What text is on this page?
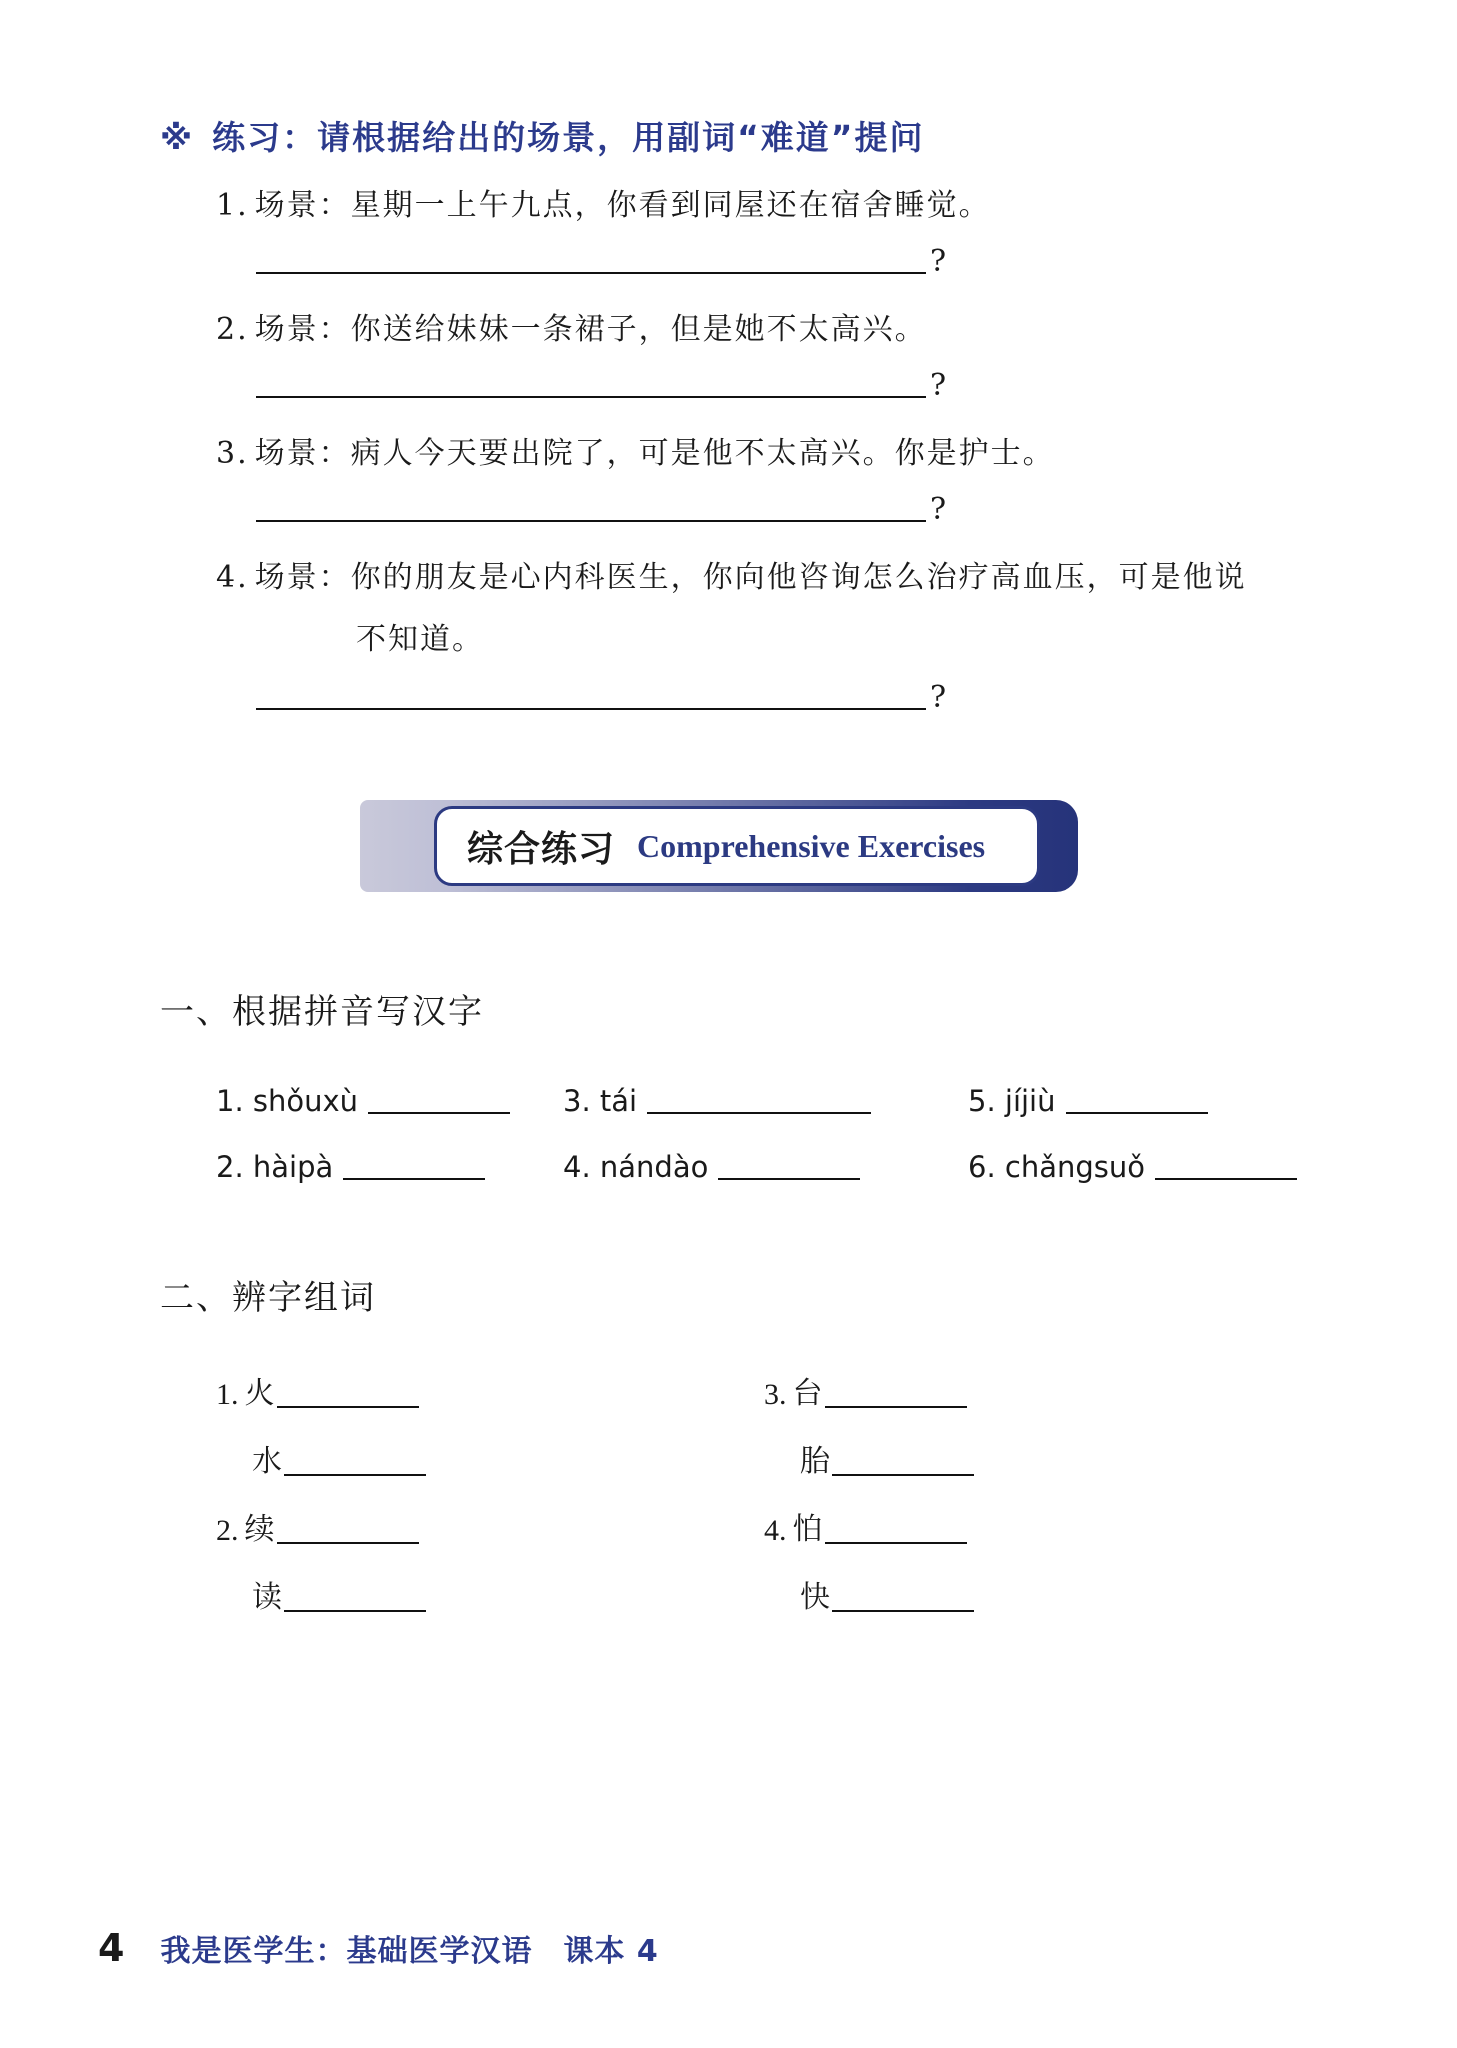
※ 练习：请根据给出的场景，用副词“难道”提问
1. 场景：星期一上午九点，你看到同屋还在宿舍睡觉。
?
2. 场景：你送给妹妹一条裙子，但是她不太高兴。
?
3. 场景：病人今天要出院了，可是他不太高兴。你是护士。
?
4. 场景：你的朋友是心内科医生，你向他咨询怎么治疗高血压，可是他说
不知道。
?
综合练习 Comprehensive Exercises
一、根据拼音写汉字
1.
shǒuxù
2.
hàipà
3.
tái
4.
nándào
5.
jíjiù
6.
chǎngsuǒ
二、辨字组词
1. 火
水
2. 续
读
3. 台
胎
4. 怕
快
4 我是医学生：基础医学汉语　课本 4
